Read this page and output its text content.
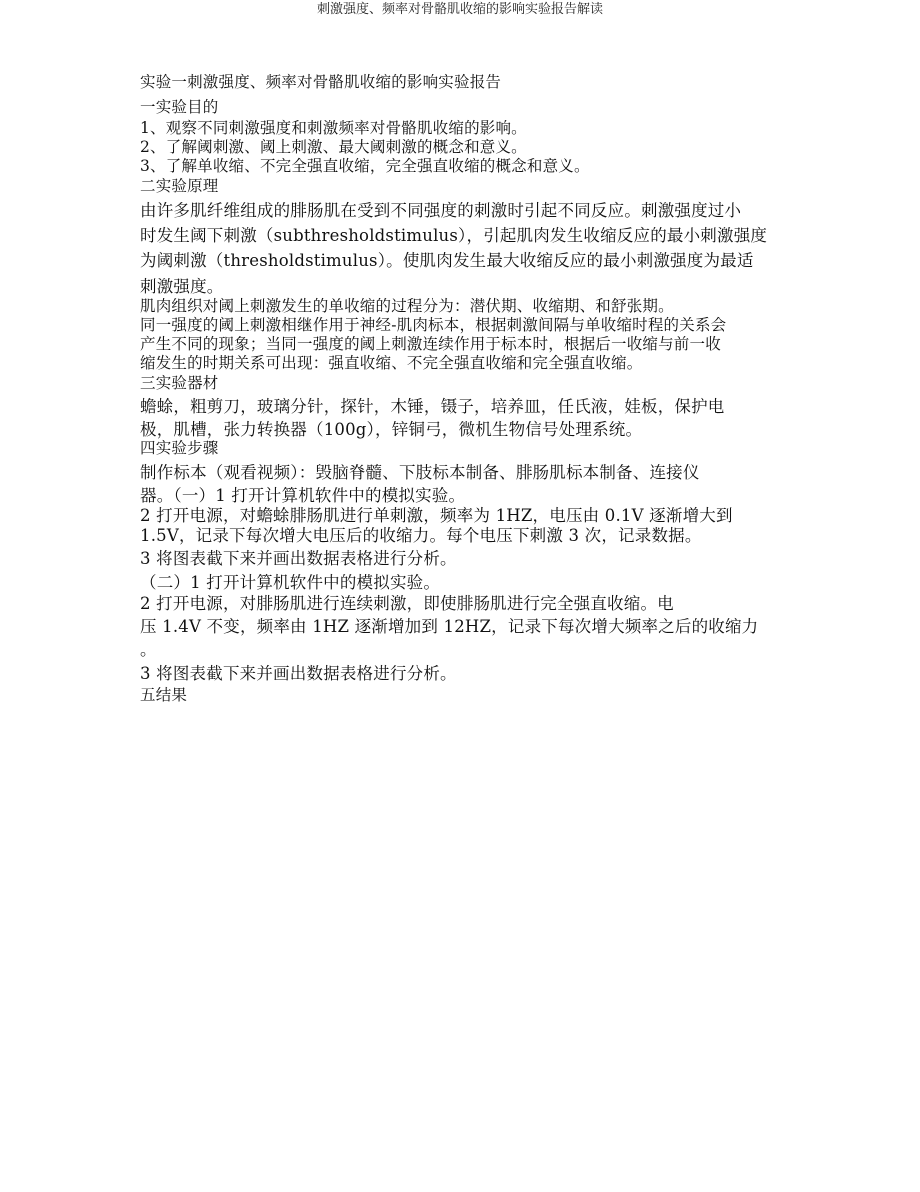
刺激强度、频率对骨骼肌收缩的影响实验报告解读
实验一刺激强度、频率对骨骼肌收缩的影响实验报告
一实验目的
1、观察不同刺激强度和刺激频率对骨骼肌收缩的影响。
2、了解阈刺激、阈上刺激、最大阈刺激的概念和意义。
3、了解单收缩、不完全强直收缩，完全强直收缩的概念和意义。
二实验原理
由许多肌纤维组成的腓肠肌在受到不同强度的刺激时引起不同反应。刺激强度过小
时发生阈下刺激（subthresholdstimulus），引起肌肉发生收缩反应的最小刺激强度
为阈刺激（thresholdstimulus）。使肌肉发生最大收缩反应的最小刺激强度为最适
刺激强度。
肌肉组织对阈上刺激发生的单收缩的过程分为：潜伏期、收缩期、和舒张期。
同一强度的阈上刺激相继作用于神经-肌肉标本，根据刺激间隔与单收缩时程的关系会
产生不同的现象；当同一强度的阈上刺激连续作用于标本时，根据后一收缩与前一收
缩发生的时期关系可出现：强直收缩、不完全强直收缩和完全强直收缩。
三实验器材
蟾蜍，粗剪刀，玻璃分针，探针，木锤，镊子，培养皿，任氏液，娃板，保护电
极，肌槽，张力转换器（100g），锌铜弓，微机生物信号处理系统。
四实验步骤
制作标本（观看视频）：毁脑脊髓、下肢标本制备、腓肠肌标本制备、连接仪
器。（一）1 打开计算机软件中的模拟实验。
2 打开电源，对蟾蜍腓肠肌进行单刺激，频率为 1HZ，电压由 0.1V 逐渐增大到
1.5V，记录下每次增大电压后的收缩力。每个电压下刺激 3 次，记录数据。
3 将图表截下来并画出数据表格进行分析。
（二）1 打开计算机软件中的模拟实验。
2 打开电源，对腓肠肌进行连续刺激，即使腓肠肌进行完全强直收缩。电
压 1.4V 不变，频率由 1HZ 逐渐增加到 12HZ，记录下每次增大频率之后的收缩力
。
3 将图表截下来并画出数据表格进行分析。
五结果
